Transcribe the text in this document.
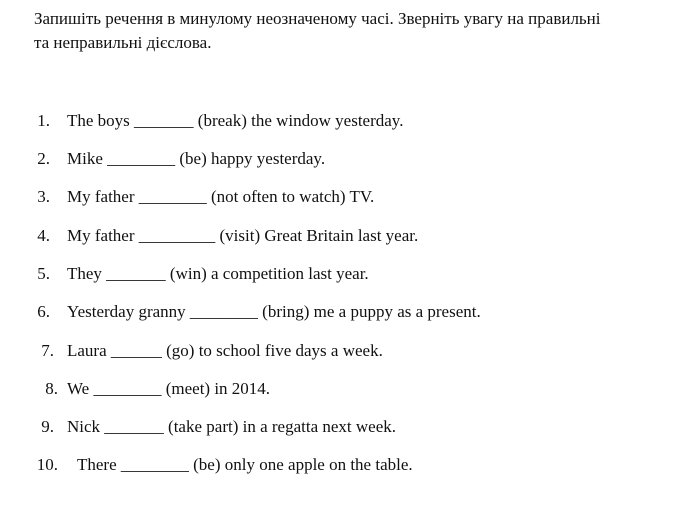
Запишіть речення в минулому неозначеному часі. Зверніть увагу на правильні
та неправильні дієслова.
1. The boys _______ (break) the window yesterday.
2. Mike ________ (be) happy yesterday.
3. My father ________ (not often to watch) TV.
4. My father _________ (visit) Great Britain last year.
5. They _______ (win) a competition last year.
6. Yesterday granny ________ (bring) me a puppy as a present.
7. Laura ______ (go) to school five days a week.
8. We ________ (meet) in 2014.
9. Nick _______ (take part) in a regatta next week.
10. There ________ (be) only one apple on the table.
